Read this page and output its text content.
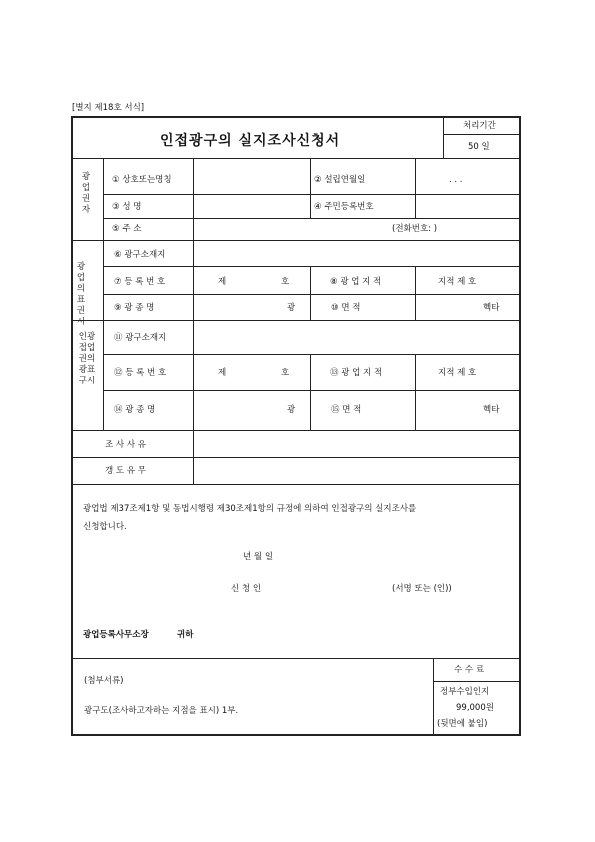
[별지 제18호 서식]
인접광구의 실지조사신청서
처리기간
50 일
광업권자
① 상호또는명칭	② 설립연월일	. . .
③ 성 명	④ 주민등록번호
⑤ 주 소	(전화번호: )
광업의 표권시
⑥ 광구소재지
⑦ 등 록 번 호	제	호	⑧ 광 업 지 적	지적 제 호
⑨ 광 종 명	광	⑩ 면 적	헥타
인광접업권의 광표구시
⑪ 광구소재지
⑫ 등 록 번 호	제	호	⑬ 광 업 지 적	지적 제 호
⑭ 광 종 명	광	⑮ 면 적	헥타
조 사 사 유
갱 도 유 무
광업법 제37조제1항 및 동법시행령 제30조제1항의 규정에 의하여 인접광구의 실지조사를
신청합니다.
년 월 일
신 청 인	(서명 또는 (인))
광업등록사무소장	귀하
(첨부서류)
광구도(조사하고자하는 지점을 표시) 1부.
수 수 료
정부수입인지
99,000원
(뒷면에 붙임)
